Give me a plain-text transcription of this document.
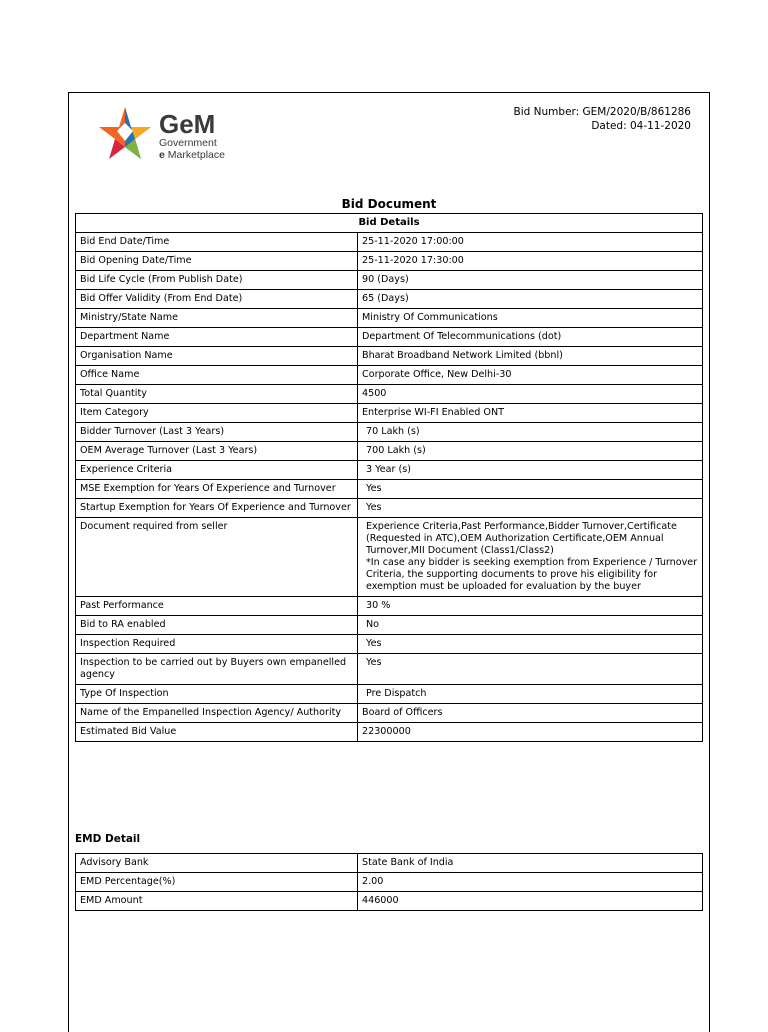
GeM
Government
e Marketplace
Bid Number: GEM/2020/B/861286
Dated: 04-11-2020
Bid Document
Bid Details	
Bid End Date/Time	25-11-2020 17:00:00
Bid Opening Date/Time	25-11-2020 17:30:00
Bid Life Cycle (From Publish Date)	90 (Days)
Bid Offer Validity (From End Date)	65 (Days)
Ministry/State Name	Ministry Of Communications
Department Name	Department Of Telecommunications (dot)
Organisation Name	Bharat Broadband Network Limited (bbnl)
Office Name	Corporate Office, New Delhi-30
Total Quantity	4500
Item Category	Enterprise WI-FI Enabled ONT
Bidder Turnover (Last 3 Years)	70 Lakh (s)
OEM Average Turnover (Last 3 Years)	700 Lakh (s)
Experience Criteria	3 Year (s)
MSE Exemption for Years Of Experience and Turnover	Yes
Startup Exemption for Years Of Experience and Turnover	Yes
Document required from seller	Experience Criteria,Past Performance,Bidder Turnover,Certificate (Requested in ATC),OEM Authorization Certificate,OEM Annual Turnover,MII Document (Class1/Class2)
*In case any bidder is seeking exemption from Experience / Turnover Criteria, the supporting documents to prove his eligibility for exemption must be uploaded for evaluation by the buyer
Past Performance	30 %
Bid to RA enabled	No
Inspection Required	Yes
Inspection to be carried out by Buyers own empanelled agency	Yes
Type Of Inspection	Pre Dispatch
Name of the Empanelled Inspection Agency/ Authority	Board of Officers
Estimated Bid Value	22300000
EMD Detail
Advisory Bank	State Bank of India
EMD Percentage(%)	2.00
EMD Amount	446000
